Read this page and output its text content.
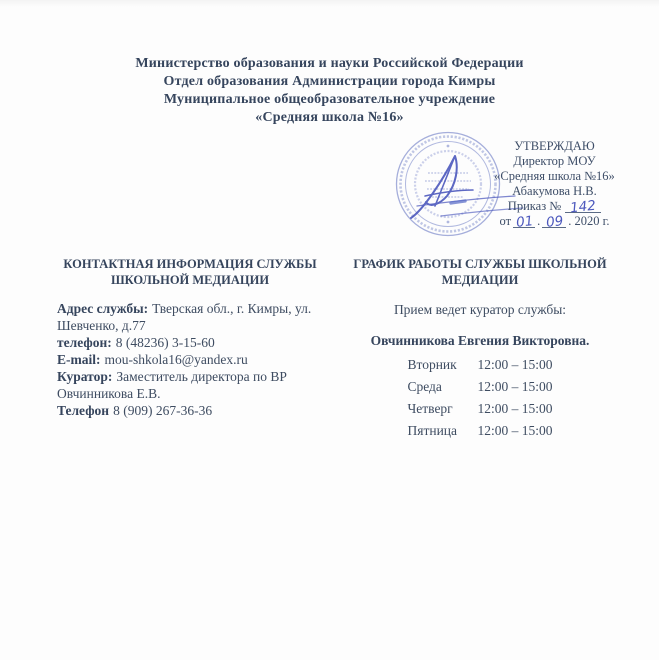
Министерство образования и науки Российской Федерации
Отдел образования Администрации города Кимры
Муниципальное общеобразовательное учреждение
«Средняя школа №16»
УТВЕРЖДАЮ
Директор МОУ
«Средняя школа №16»
Абакумова Н.В.
Приказ № 142
от 01 . 09 . 2020 г.
КОНТАКТНАЯ ИНФОРМАЦИЯ СЛУЖБЫ ШКОЛЬНОЙ МЕДИАЦИИ
Адрес службы: Тверская обл., г. Кимры, ул. Шевченко, д.77
телефон: 8 (48236) 3-15-60
E-mail: mou-shkola16@yandex.ru
Куратор: Заместитель директора по ВР Овчинникова Е.В.
Телефон 8 (909) 267-36-36
ГРАФИК РАБОТЫ СЛУЖБЫ ШКОЛЬНОЙ МЕДИАЦИИ
Прием ведет куратор службы:
Овчинникова Евгения Викторовна.
Вторник	12:00 – 15:00
Среда	12:00 – 15:00
Четверг	12:00 – 15:00
Пятница	12:00 – 15:00
